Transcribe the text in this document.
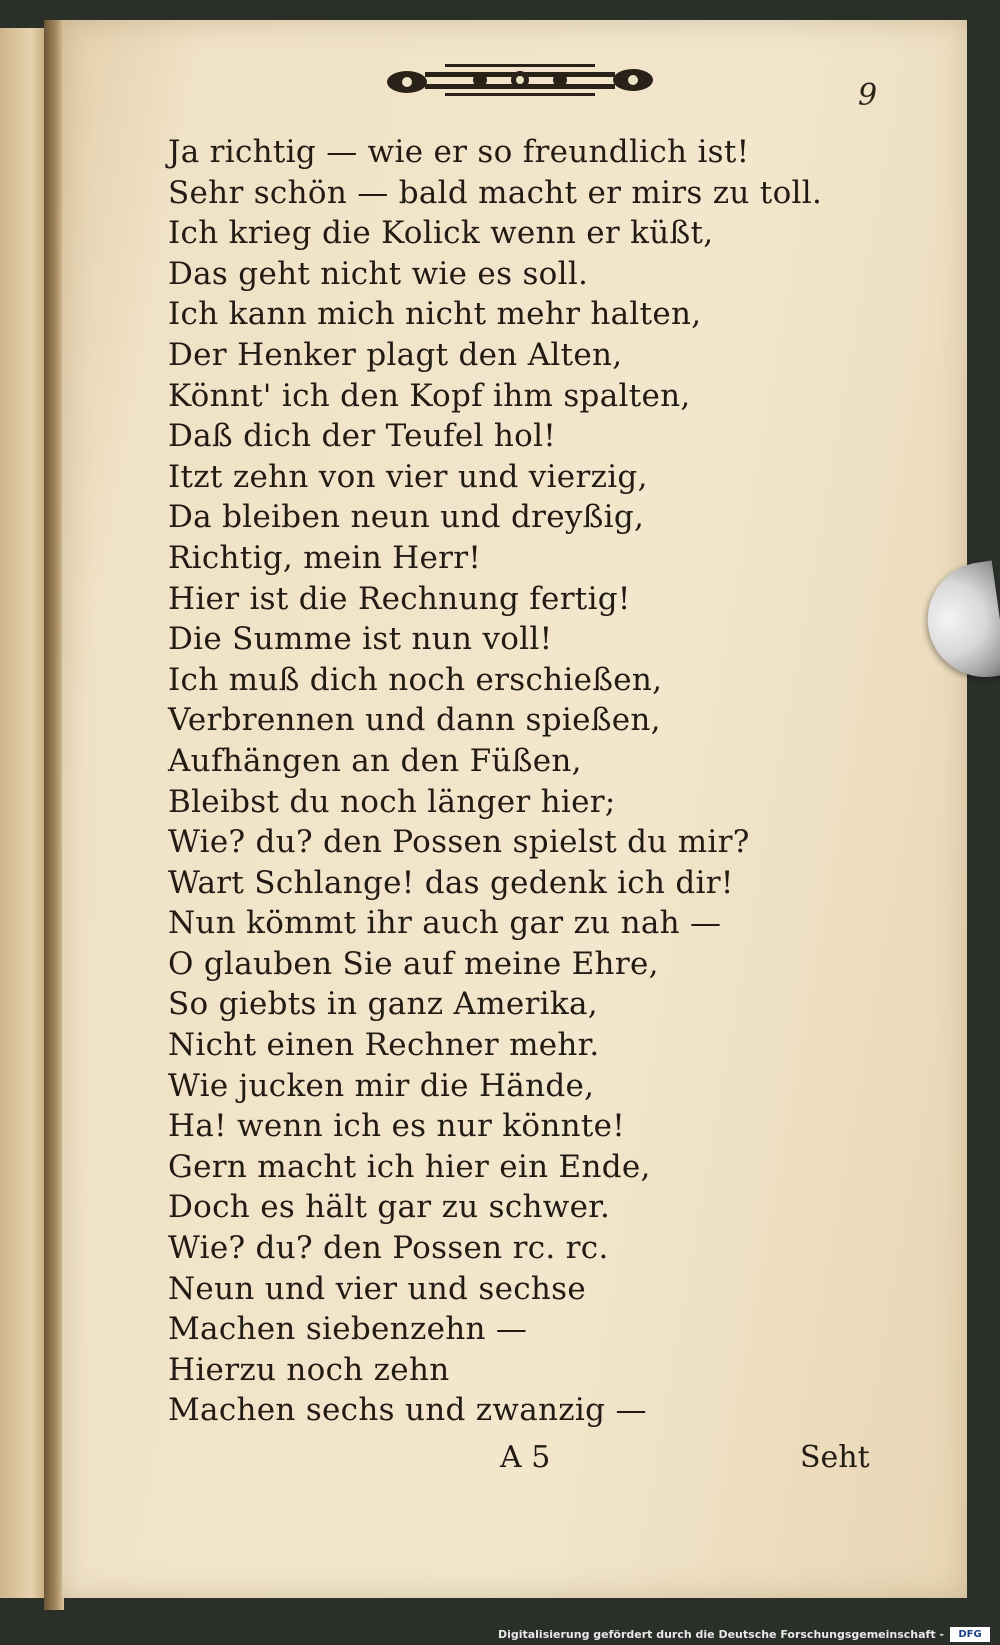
9
Ja richtig — wie er so freundlich ist!
Sehr schön — bald macht er mirs zu toll.
Ich krieg die Kolick wenn er küßt,
Das geht nicht wie es soll.
Ich kann mich nicht mehr halten,
Der Henker plagt den Alten,
Könnt' ich den Kopf ihm spalten,
Daß dich der Teufel hol!
Itzt zehn von vier und vierzig,
Da bleiben neun und dreyßig,
Richtig, mein Herr!
Hier ist die Rechnung fertig!
Die Summe ist nun voll!
Ich muß dich noch erschießen,
Verbrennen und dann spießen,
Aufhängen an den Füßen,
Bleibst du noch länger hier;
Wie? du? den Possen spielst du mir?
Wart Schlange! das gedenk ich dir!
Nun kömmt ihr auch gar zu nah —
O glauben Sie auf meine Ehre,
So giebts in ganz Amerika,
Nicht einen Rechner mehr.
Wie jucken mir die Hände,
Ha! wenn ich es nur könnte!
Gern macht ich hier ein Ende,
Doch es hält gar zu schwer.
Wie? du? den Possen rc. rc.
Neun und vier und sechse
Machen siebenzehn —
Hierzu noch zehn
Machen sechs und zwanzig —
A 5	Seht
Digitalisierung gefördert durch die Deutsche Forschungsgemeinschaft -	DFG
